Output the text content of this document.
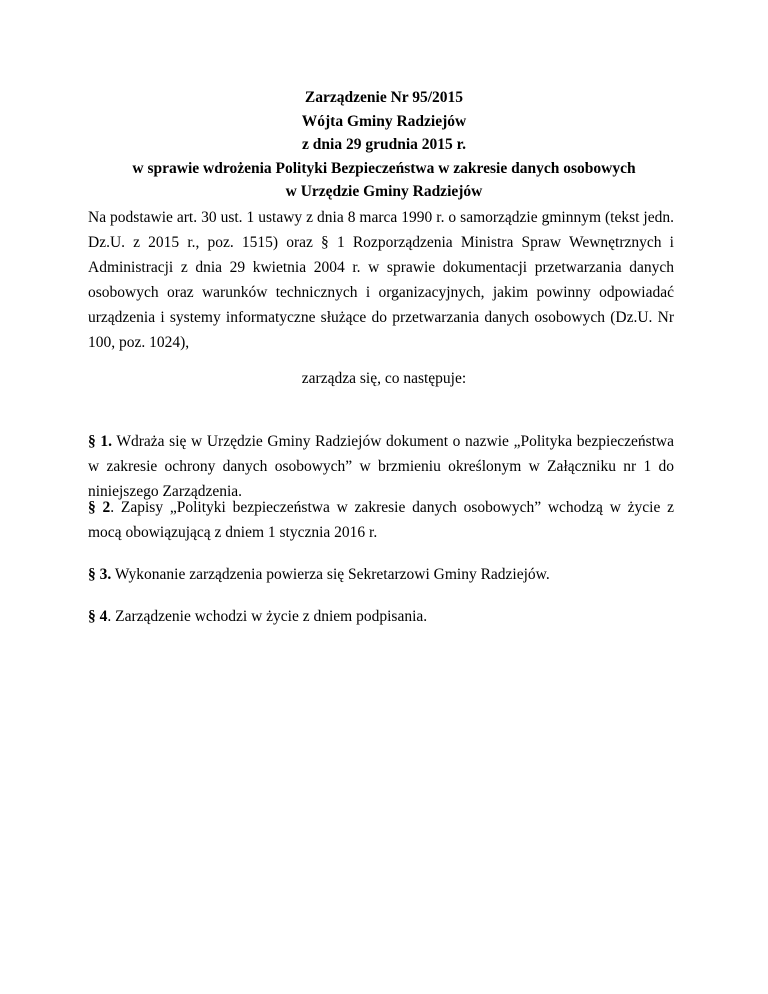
Zarządzenie Nr 95/2015
Wójta Gminy Radziejów
z dnia 29 grudnia 2015 r.
w sprawie wdrożenia Polityki Bezpieczeństwa w zakresie danych osobowych
w Urzędzie Gminy Radziejów
Na podstawie art. 30 ust. 1 ustawy z dnia 8 marca 1990 r. o samorządzie gminnym (tekst jedn. Dz.U. z 2015 r., poz. 1515) oraz § 1 Rozporządzenia Ministra Spraw Wewnętrznych i Administracji z dnia 29 kwietnia 2004 r. w sprawie dokumentacji przetwarzania danych osobowych oraz warunków technicznych i organizacyjnych, jakim powinny odpowiadać urządzenia i systemy informatyczne służące do przetwarzania danych osobowych (Dz.U. Nr 100, poz. 1024),
zarządza się, co następuje:
§ 1. Wdraża się w Urzędzie Gminy Radziejów dokument o nazwie „Polityka bezpieczeństwa w zakresie ochrony danych osobowych” w brzmieniu określonym w Załączniku nr 1 do niniejszego Zarządzenia.
§ 2. Zapisy „Polityki bezpieczeństwa w zakresie danych osobowych” wchodzą w życie z mocą obowiązującą z dniem 1 stycznia 2016 r.
§ 3. Wykonanie zarządzenia powierza się Sekretarzowi Gminy Radziejów.
§ 4. Zarządzenie wchodzi w życie z dniem podpisania.
